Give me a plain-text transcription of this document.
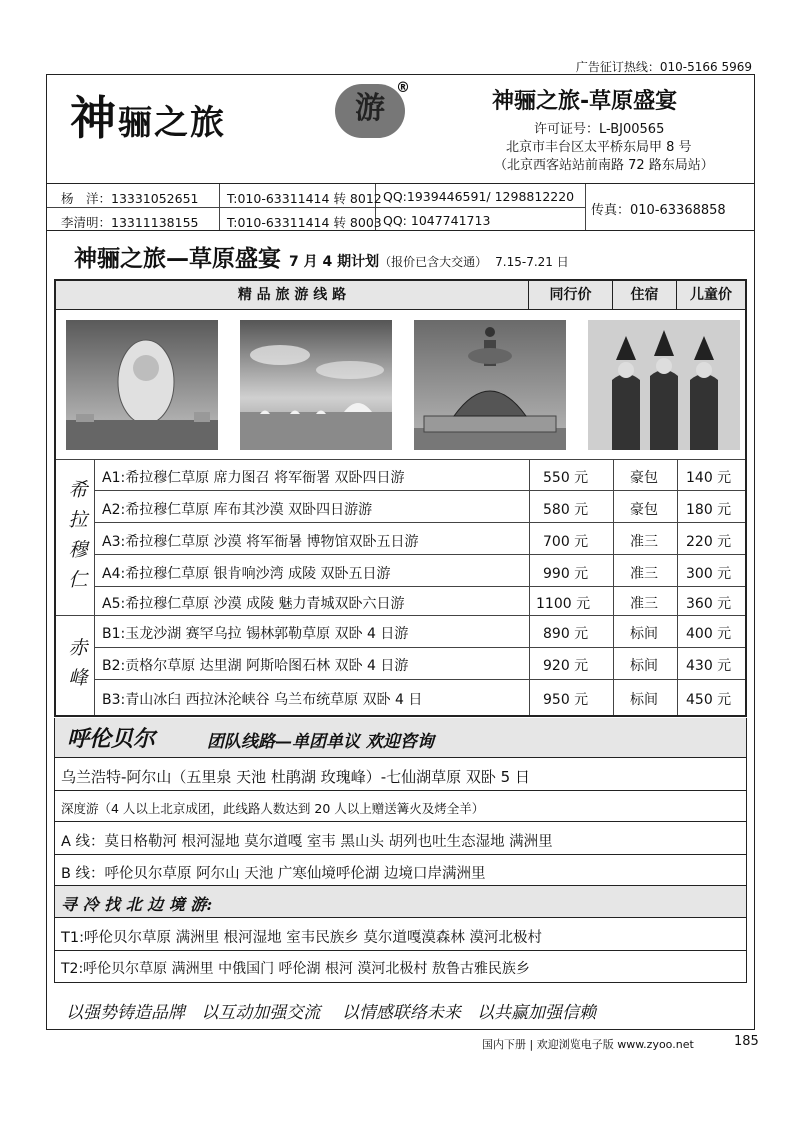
广告征订热线：010-5166 5969
神骊之旅	游
®
神骊之旅-草原盛宴
许可证号：L-BJ00565
北京市丰台区太平桥东局甲 8 号
（北京西客站站前南路 72 路东局站）
杨　洋：13331052651 T:010-63311414 转 8012 QQ:1939446591/ 1298812220
李清明：13311138155 T:010-63311414 转 8003 QQ: 1047741713
传真：010-63368858
神骊之旅—草原盛宴 7 月 4 期计划（报价已含大交通） 7.15-7.21 日
精 品 旅 游 线 路	同行价	住宿	儿童价
希
拉
穆
仁
赤
峰
A1:希拉穆仁草原 席力图召 将军衙署 双卧四日游	550 元	豪包 140 元
A2:希拉穆仁草原 库布其沙漠 双卧四日游游	580 元	豪包 180 元
A3:希拉穆仁草原 沙漠 将军衙暑 博物馆双卧五日游	700 元	准三 220 元
A4:希拉穆仁草原 银肯响沙湾 成陵 双卧五日游	990 元	准三 300 元
A5:希拉穆仁草原 沙漠 成陵 魅力青城双卧六日游	1100 元	准三 360 元
B1:玉龙沙湖 赛罕乌拉 锡林郭勒草原 双卧 4 日游	890 元	标间 400 元
B2:贡格尔草原 达里湖 阿斯哈图石林 双卧 4 日游	920 元	标间 430 元
B3:青山冰臼 西拉沐沦峡谷 乌兰布统草原 双卧 4 日	950 元	标间 450 元
呼伦贝尔	团队线路—单团单议 欢迎咨询
乌兰浩特-阿尔山（五里泉 天池 杜鹃湖 玫瑰峰）-七仙湖草原 双卧 5 日
深度游（4 人以上北京成团，此线路人数达到 20 人以上赠送篝火及烤全羊）
A 线：莫日格勒河 根河湿地 莫尔道嘎 室韦 黑山头 胡列也吐生态湿地 满洲里
B 线：呼伦贝尔草原 阿尔山 天池 广寒仙境呼伦湖 边境口岸满洲里
寻 冷 找 北 边 境 游:
T1:呼伦贝尔草原 满洲里 根河湿地 室韦民族乡 莫尔道嘎漠森林 漠河北极村
T2:呼伦贝尔草原 满洲里 中俄国门 呼伦湖 根河 漠河北极村 敖鲁古雅民族乡
以强势铸造品牌   以互动加强交流    以情感联络未来   以共赢加强信赖
国内下册 | 欢迎浏览电子版 www.zyoo.net	185
